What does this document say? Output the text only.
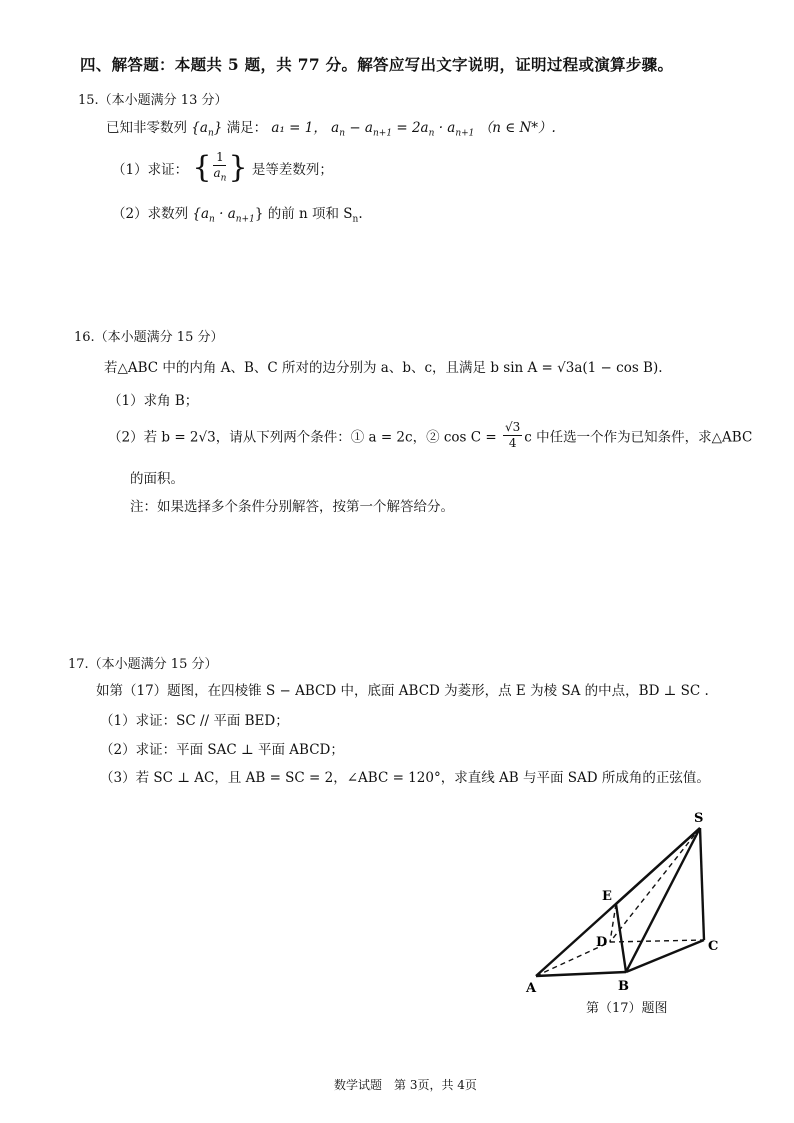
四、解答题：本题共 5 题，共 77 分。解答应写出文字说明，证明过程或演算步骤。
15.（本小题满分 13 分）
已知非零数列 $\{a_n\}$ 满足： a₁ = 1， $a_n - a_{n+1} = 2a_n \cdot a_{n+1}$ （n ∈ N*）.
（1）求证： { $\frac{1}{a_n}$ } 是等差数列；
（2）求数列 $\{a_n \cdot a_{n+1}\}$ 的前 n 项和 $S_n$.
16.（本小题满分 15 分）
若△ABC 中的内角 A、B、C 所对的边分别为 a、b、c，且满足 b sin A = √3a(1 − cos B).
（1）求角 B；
（2）若 b = 2√3，请从下列两个条件：① a = 2c，② $\cos C = \frac{√3}{4}$ c 中任选一个作为已知条件，求△ABC
的面积。
注：如果选择多个条件分别解答，按第一个解答给分。
17.（本小题满分 15 分）
如第（17）题图，在四棱锥 S − ABCD 中，底面 ABCD 为菱形，点 E 为棱 SA 的中点，BD ⊥ SC .
（1）求证：SC // 平面 BED；
（2）求证：平面 SAC ⊥ 平面 ABCD；
（3）若 SC ⊥ AC，且 AB = SC = 2，∠ABC = 120°，求直线 AB 与平面 SAD 所成角的正弦值。
S
E
D
A	B
C
第（17）题图
数学试题　第 3页，共 4页
